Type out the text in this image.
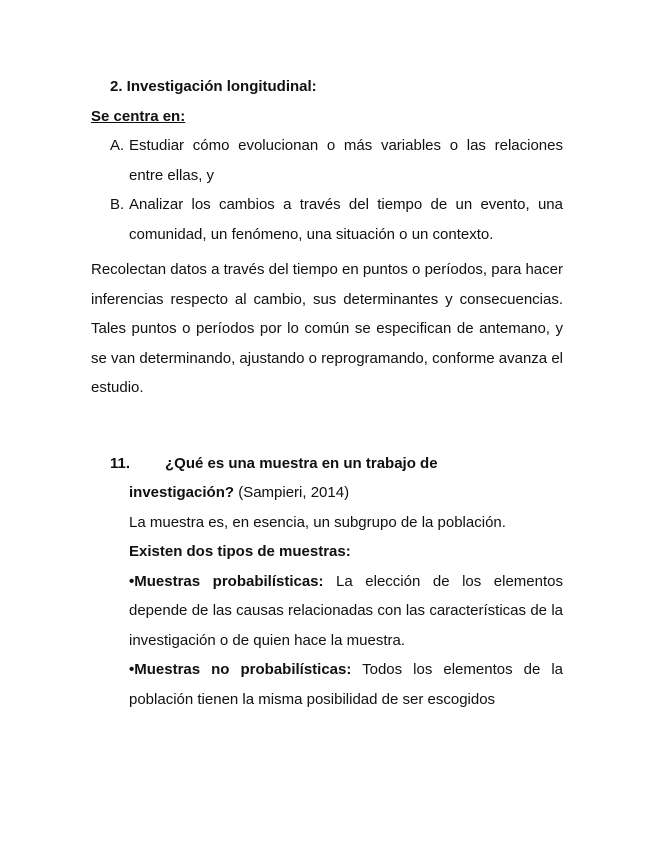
2. Investigación longitudinal:
Se centra en:
A. Estudiar cómo evolucionan o más variables o las relaciones entre ellas, y
B. Analizar los cambios a través del tiempo de un evento, una comunidad, un fenómeno, una situación o un contexto.
Recolectan datos a través del tiempo en puntos o períodos, para hacer inferencias respecto al cambio, sus determinantes y consecuencias. Tales puntos o períodos por lo común se especifican de antemano, y se van determinando, ajustando o reprogramando, conforme avanza el estudio.
11.	¿Qué es una muestra en un trabajo de
investigación? (Sampieri, 2014)
La muestra es, en esencia, un subgrupo de la población.
Existen dos tipos de muestras:
•Muestras probabilísticas: La elección de los elementos depende de las causas relacionadas con las características de la investigación o de quien hace la muestra.
•Muestras no probabilísticas: Todos los elementos de la población tienen la misma posibilidad de ser escogidos
